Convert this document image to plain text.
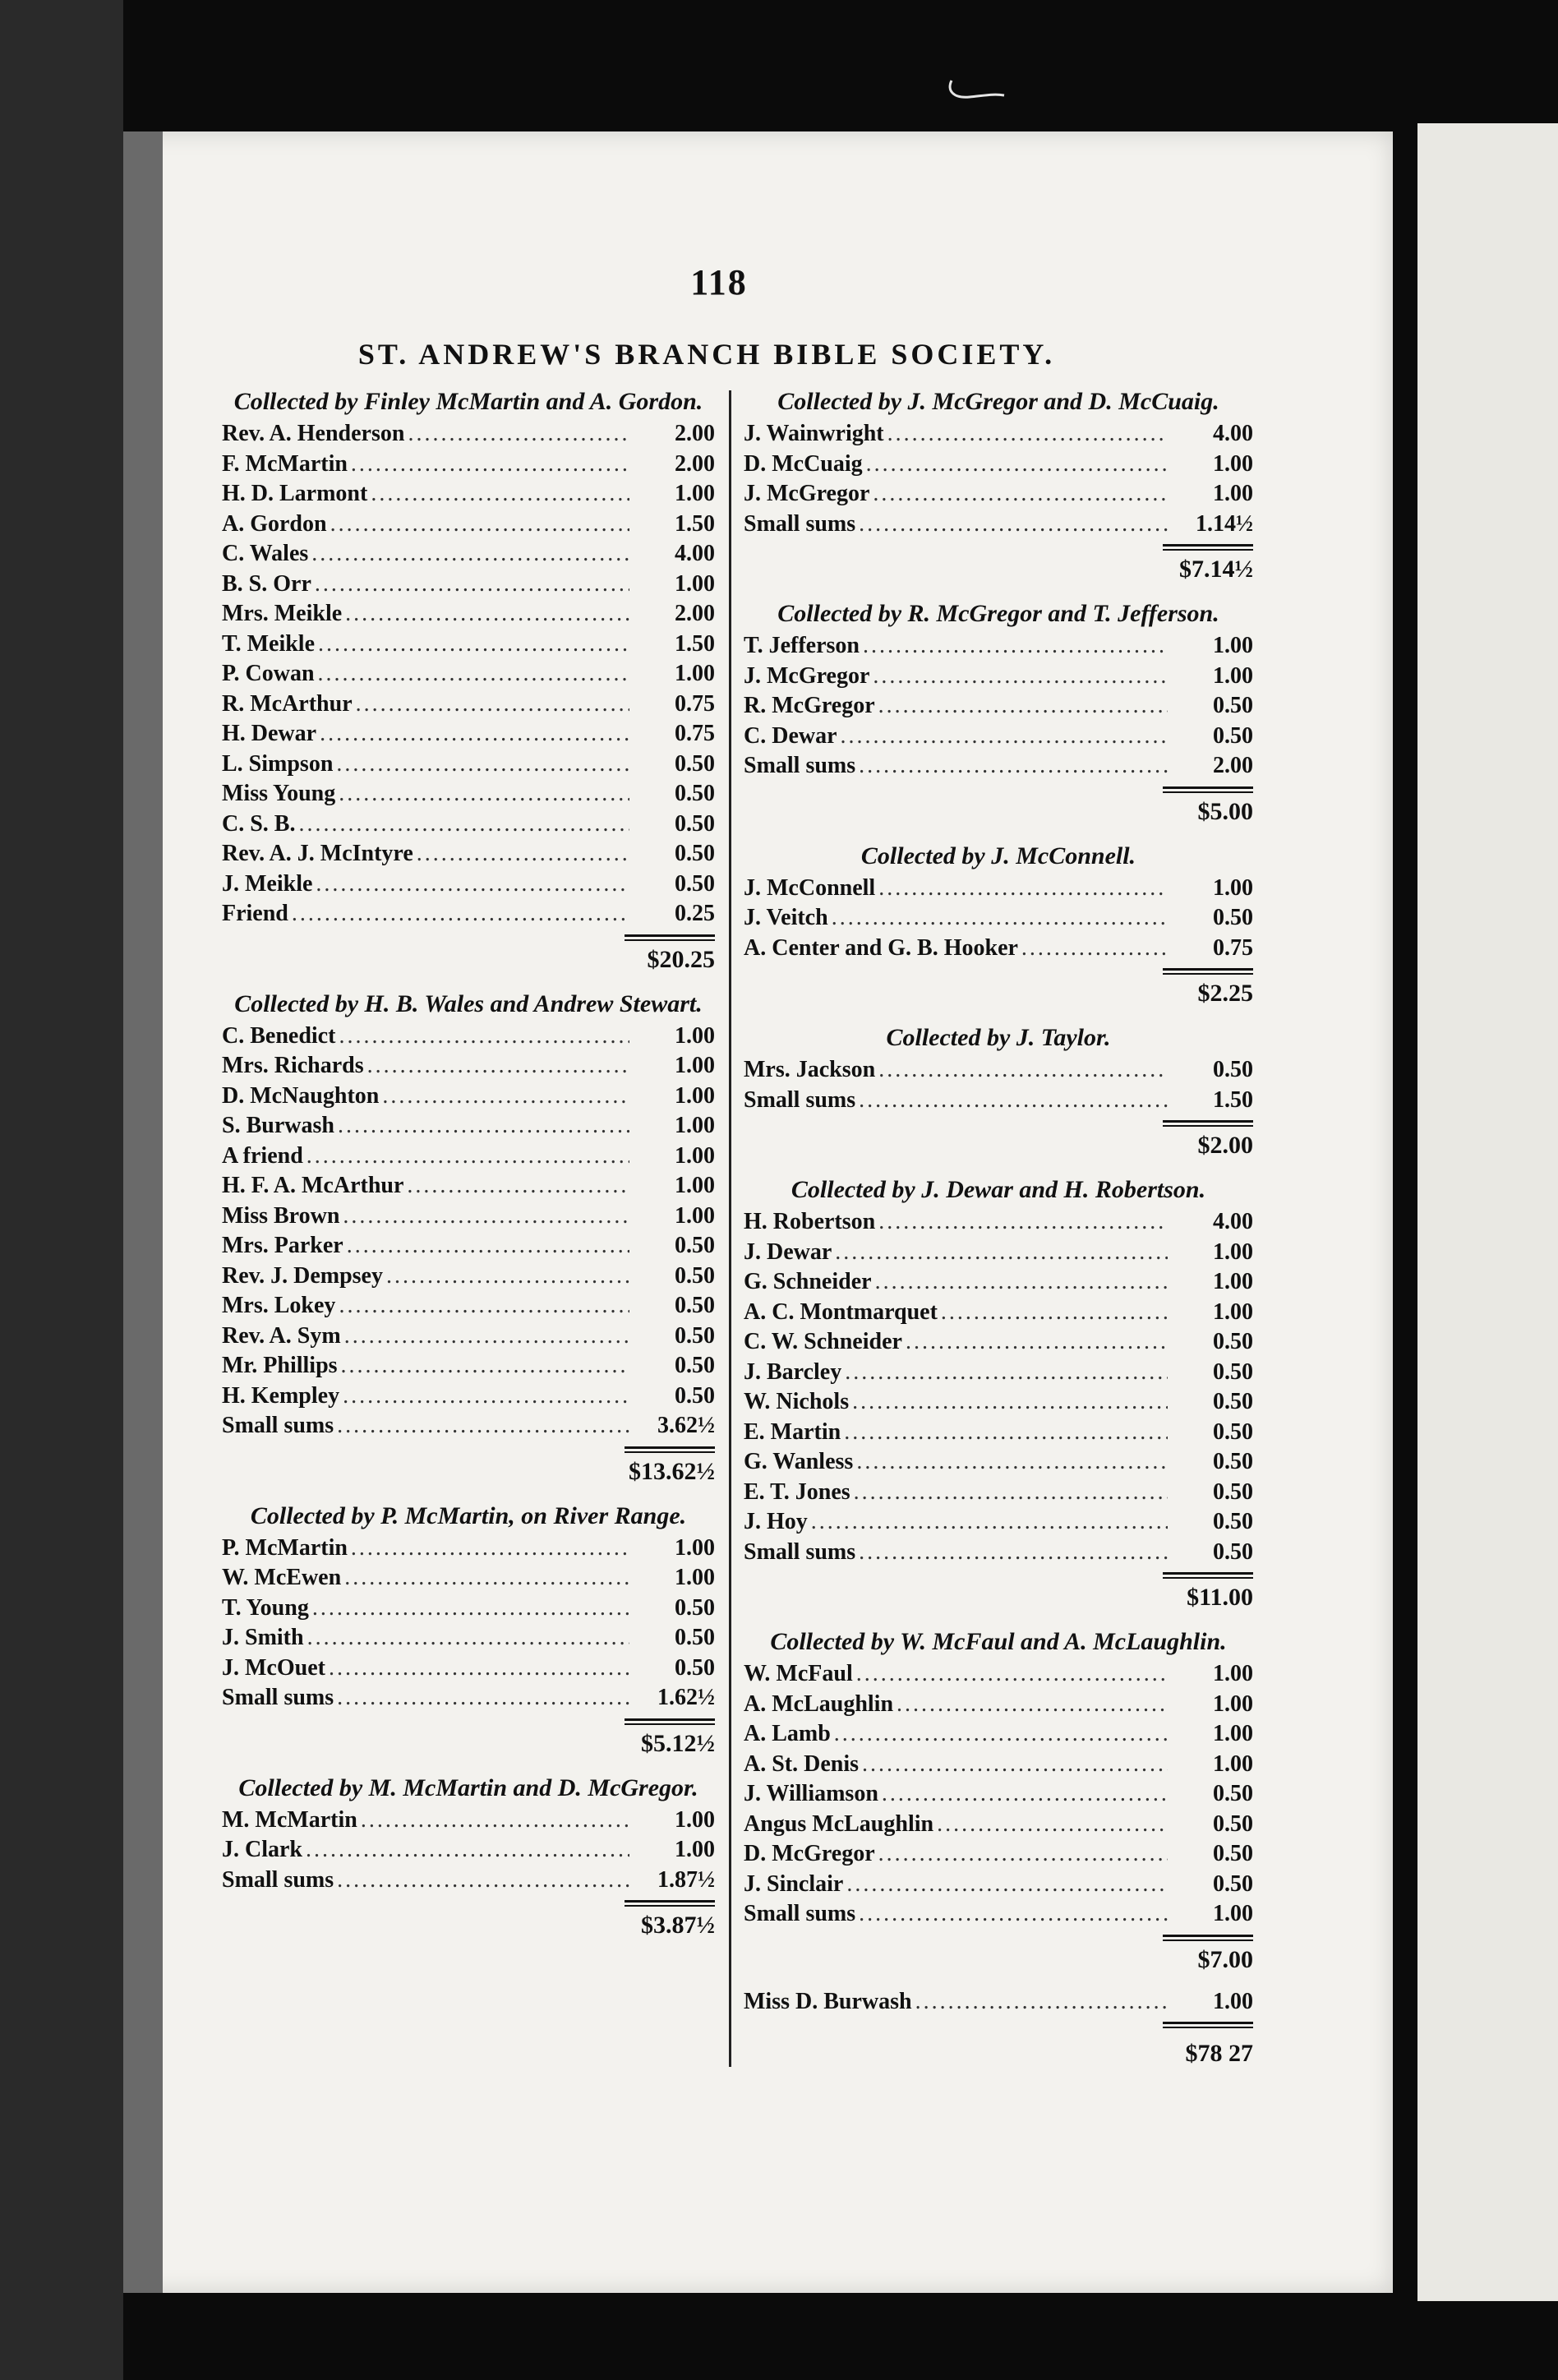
118
ST. ANDREW'S BRANCH BIBLE SOCIETY.
Collected by Finley McMartin and A. Gordon.
Rev. A. Henderson .....	2.00
F. McMartin .....	2.00
H. D. Larmont .....	1.00
A. Gordon .....	1.50
C. Wales .....	4.00
B. S. Orr .....	1.00
Mrs. Meikle .....	2.00
T. Meikle .....	1.50
P. Cowan .....	1.00
R. McArthur .....	0.75
H. Dewar .....	0.75
L. Simpson .....	0.50
Miss Young .....	0.50
C. S. B. .....	0.50
Rev. A. J. McIntyre .....	0.50
J. Meikle .....	0.50
Friend .....	0.25
$20.25
Collected by H. B. Wales and Andrew Stewart.
C. Benedict .....	1.00
Mrs. Richards .....	1.00
D. McNaughton .....	1.00
S. Burwash .....	1.00
A friend .....	1.00
H. F. A. McArthur .....	1.00
Miss Brown .....	1.00
Mrs. Parker .....	0.50
Rev. J. Dempsey .....	0.50
Mrs. Lokey .....	0.50
Rev. A. Sym .....	0.50
Mr. Phillips .....	0.50
H. Kempley .....	0.50
Small sums .....	3.62½
$13.62½
Collected by P. McMartin, on River Range.
P. McMartin .....	1.00
W. McEwen .....	1.00
T. Young .....	0.50
J. Smith .....	0.50
J. McOuet .....	0.50
Small sums .....	1.62½
$5.12½
Collected by M. McMartin and D. McGregor.
M. McMartin .....	1.00
J. Clark .....	1.00
Small sums .....	1.87½
$3.87½
Collected by J. McGregor and D. McCuaig.
J. Wainwright .....	4.00
D. McCuaig .....	1.00
J. McGregor .....	1.00
Small sums .....	1.14½
$7.14½
Collected by R. McGregor and T. Jefferson.
T. Jefferson .....	1.00
J. McGregor .....	1.00
R. McGregor .....	0.50
C. Dewar .....	0.50
Small sums .....	2.00
$5.00
Collected by J. McConnell.
J. McConnell .....	1.00
J. Veitch .....	0.50
A. Center and G. B. Hooker .....	0.75
$2.25
Collected by J. Taylor.
Mrs. Jackson .....	0.50
Small sums .....	1.50
$2.00
Collected by J. Dewar and H. Robertson.
H. Robertson .....	4.00
J. Dewar .....	1.00
G. Schneider .....	1.00
A. C. Montmarquet .....	1.00
C. W. Schneider .....	0.50
J. Barcley .....	0.50
W. Nichols .....	0.50
E. Martin .....	0.50
G. Wanless .....	0.50
E. T. Jones .....	0.50
J. Hoy .....	0.50
Small sums .....	0.50
$11.00
Collected by W. McFaul and A. McLaughlin.
W. McFaul .....	1.00
A. McLaughlin .....	1.00
A. Lamb .....	1.00
A. St. Denis .....	1.00
J. Williamson .....	0.50
Angus McLaughlin .....	0.50
D. McGregor .....	0.50
J. Sinclair .....	0.50
Small sums .....	1.00
$7.00
Miss D. Burwash .....	1.00
$78 27
